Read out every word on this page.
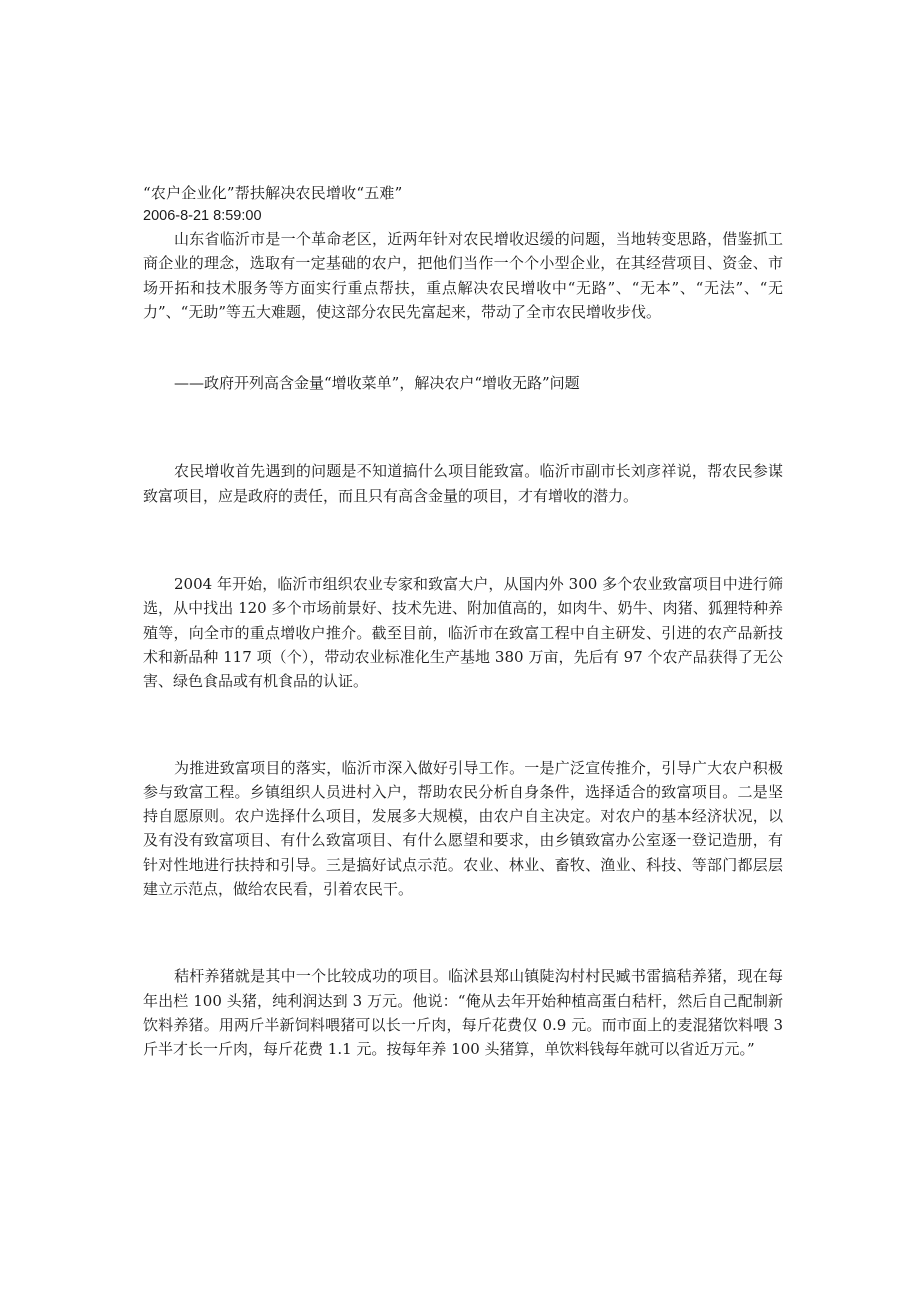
“农户企业化”帮扶解决农民增收“五难”
2006-8-21 8:59:00

山东省临沂市是一个革命老区，近两年针对农民增收迟缓的问题，当地转变思路，借鉴抓工商企业的理念，选取有一定基础的农户，把他们当作一个个小型企业，在其经营项目、资金、市场开拓和技术服务等方面实行重点帮扶，重点解决农民增收中“无路”、“无本”、“无法”、“无力”、“无助”等五大难题，使这部分农民先富起来，带动了全市农民增收步伐。

——政府开列高含金量“增收菜单”，解决农户“增收无路”问题

农民增收首先遇到的问题是不知道搞什么项目能致富。临沂市副市长刘彦祥说，帮农民参谋致富项目，应是政府的责任，而且只有高含金量的项目，才有增收的潜力。

2004 年开始，临沂市组织农业专家和致富大户，从国内外 300 多个农业致富项目中进行筛选，从中找出 120 多个市场前景好、技术先进、附加值高的，如肉牛、奶牛、肉猪、狐狸特种养殖等，向全市的重点增收户推介。截至目前，临沂市在致富工程中自主研发、引进的农产品新技术和新品种 117 项（个），带动农业标准化生产基地 380 万亩，先后有 97 个农产品获得了无公害、绿色食品或有机食品的认证。

为推进致富项目的落实，临沂市深入做好引导工作。一是广泛宣传推介，引导广大农户积极参与致富工程。乡镇组织人员进村入户，帮助农民分析自身条件，选择适合的致富项目。二是坚持自愿原则。农户选择什么项目，发展多大规模，由农户自主决定。对农户的基本经济状况，以及有没有致富项目、有什么致富项目、有什么愿望和要求，由乡镇致富办公室逐一登记造册，有针对性地进行扶持和引导。三是搞好试点示范。农业、林业、畜牧、渔业、科技、等部门都层层建立示范点，做给农民看，引着农民干。

秸杆养猪就是其中一个比较成功的项目。临沭县郑山镇陡沟村村民臧书雷搞秸养猪，现在每年出栏 100 头猪，纯利润达到 3 万元。他说：“俺从去年开始种植高蛋白秸杆，然后自己配制新饮料养猪。用两斤半新饲料喂猪可以长一斤肉，每斤花费仅 0.9 元。而市面上的麦混猪饮料喂 3 斤半才长一斤肉，每斤花费 1.1 元。按每年养 100 头猪算，单饮料钱每年就可以省近万元。”
